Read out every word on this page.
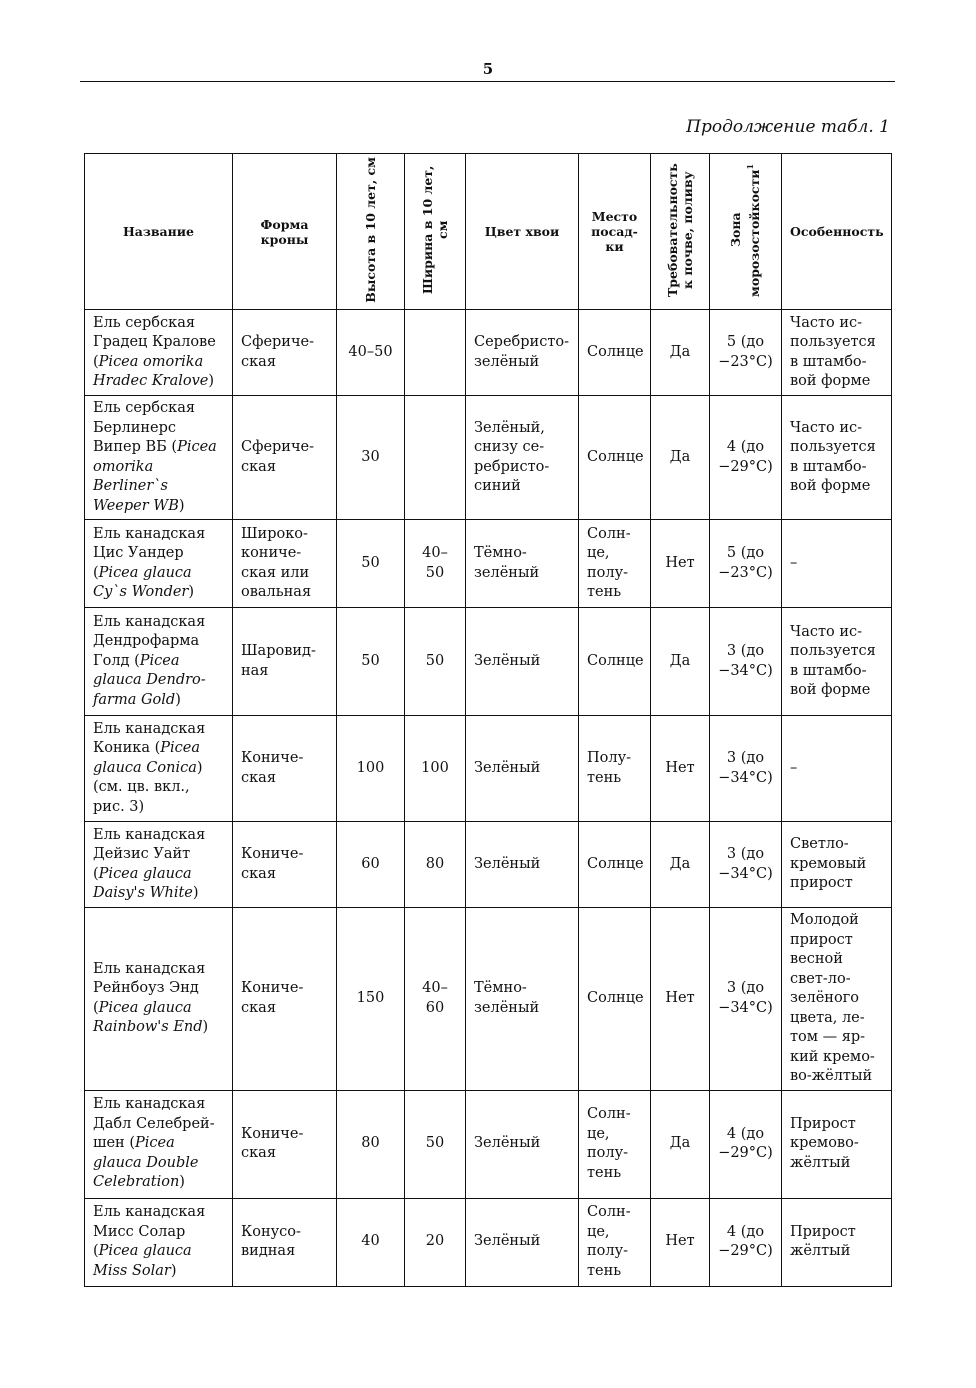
5
Продолжение табл. 1
Название	Форма кроны	Высота в 10 лет, см	Ширина в 10 лет, см	Цвет хвои	Место посад-ки	Требовательность к почве, поливу	Зона морозостойкости$^1$	Особенность
Ель сербская Градец Кралове (Picea omorika Hradec Kralove)	Сфериче-ская	40–50		Серебристо-зелёный	Солнце	Да	5 (до −23°С)	Часто ис-пользуется в штамбо-вой форме
Ель сербская Берлинерс Випер ВБ (Picea omorika Berliner`s Weeper WB)	Сфериче-ская	30		Зелёный, снизу се-ребристо-синий	Солнце	Да	4 (до −29°С)	Часто ис-пользуется в штамбо-вой форме
Ель канадская Цис Уандер (Picea glauca Cy`s Wonder)	Широко-кониче-ская или овальная	50	40–50	Тёмно-зелёный	Солн-це, полу-тень	Нет	5 (до −23°С)	–
Ель канадская Дендрофарма Голд (Picea glauca Dendro-farma Gold)	Шаровид-ная	50	50	Зелёный	Солнце	Да	3 (до −34°С)	Часто ис-пользуется в штамбо-вой форме
Ель канадская Коника (Picea glauca Conica) (см. цв. вкл., рис. 3)	Кониче-ская	100	100	Зелёный	Полу-тень	Нет	3 (до −34°С)	–
Ель канадская Дейзис Уайт (Picea glauca Daisy's White)	Кониче-ская	60	80	Зелёный	Солнце	Да	3 (до −34°С)	Светло-кремовый прирост
Ель канадская Рейнбоуз Энд (Picea glauca Rainbow's End)	Кониче-ская	150	40–60	Тёмно-зелёный	Солнце	Нет	3 (до −34°С)	Молодой прирост весной свет-ло-зелёного цвета, ле-том — яр-кий кремо-во-жёлтый
Ель канадская Дабл Селебрей-шен (Picea glauca Double Celebration)	Кониче-ская	80	50	Зелёный	Солн-це, полу-тень	Да	4 (до −29°С)	Прирост кремово-жёлтый
Ель канадская Мисс Солар (Picea glauca Miss Solar)	Конусо-видная	40	20	Зелёный	Солн-це, полу-тень	Нет	4 (до −29°С)	Прирост жёлтый
